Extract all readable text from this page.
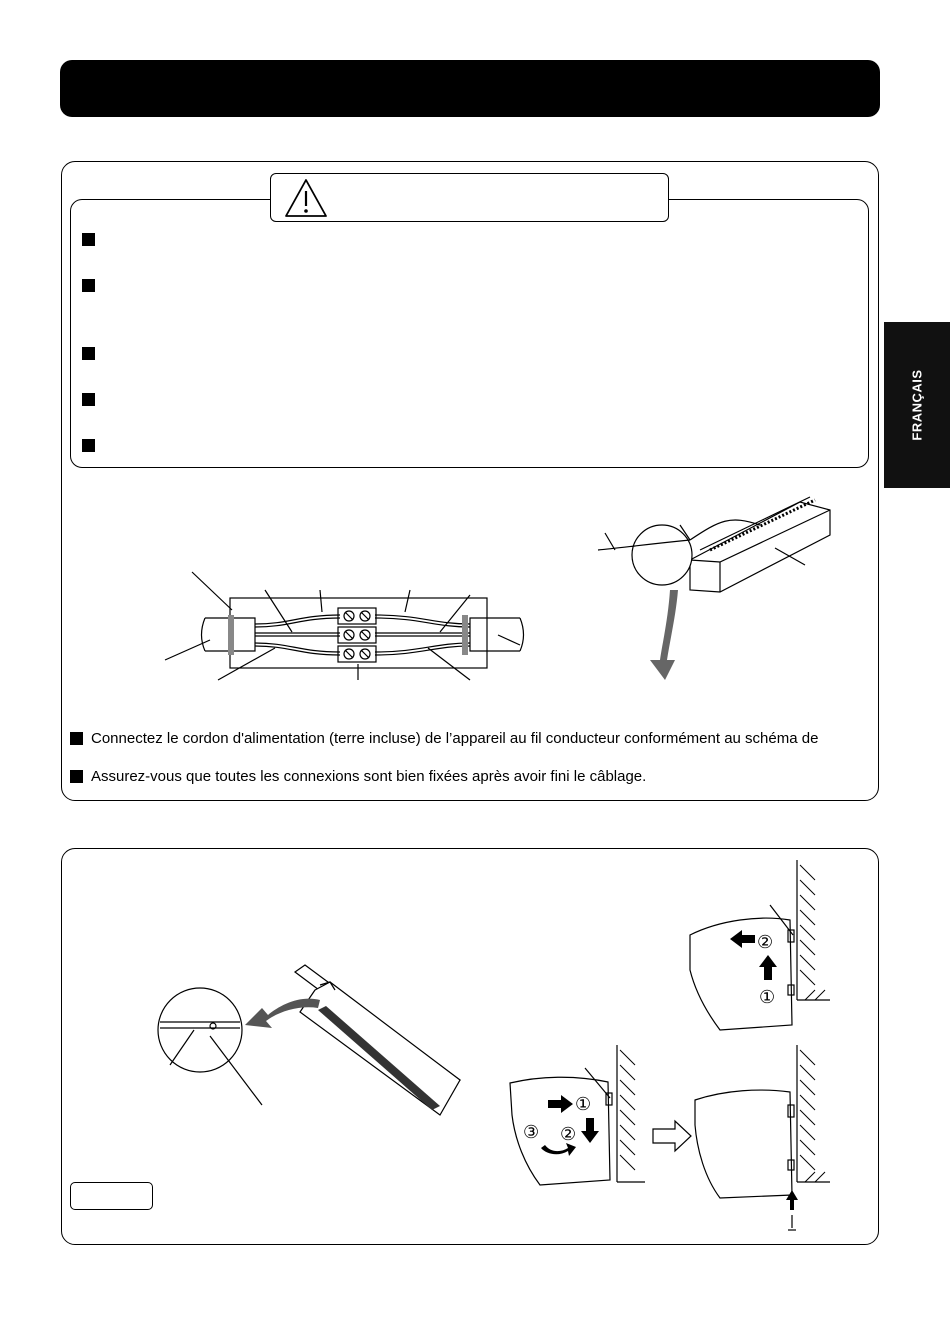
FRANÇAIS
Connectez le cordon d'alimentation (terre incluse) de l’appareil au fil conducteur conformément au schéma de
Assurez-vous que toutes les connexions sont bien fixées après avoir fini le câblage.
②
①
①
②
③
